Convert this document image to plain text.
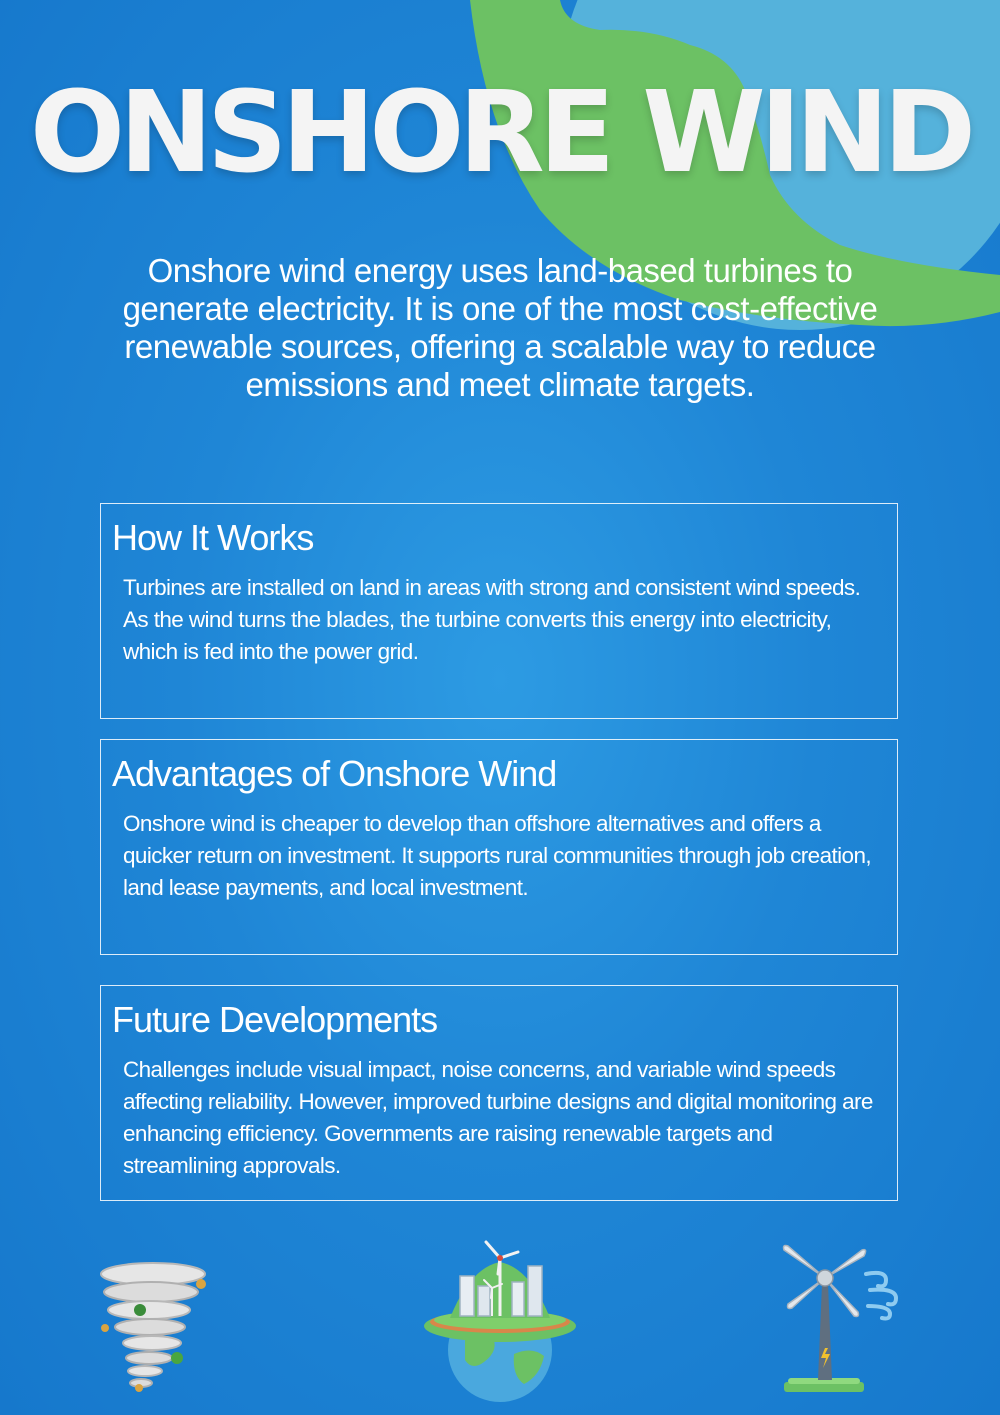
ONSHORE WIND

Onshore wind energy uses land-based turbines to generate electricity. It is one of the most cost-effective renewable sources, offering a scalable way to reduce emissions and meet climate targets.

How It Works

Turbines are installed on land in areas with strong and consistent wind speeds. As the wind turns the blades, the turbine converts this energy into electricity, which is fed into the power grid.

Advantages of Onshore Wind

Onshore wind is cheaper to develop than offshore alternatives and offers a quicker return on investment. It supports rural communities through job creation, land lease payments, and local investment.

Future Developments

Challenges include visual impact, noise concerns, and variable wind speeds affecting reliability. However, improved turbine designs and digital monitoring are enhancing efficiency. Governments are raising renewable targets and streamlining approvals.
